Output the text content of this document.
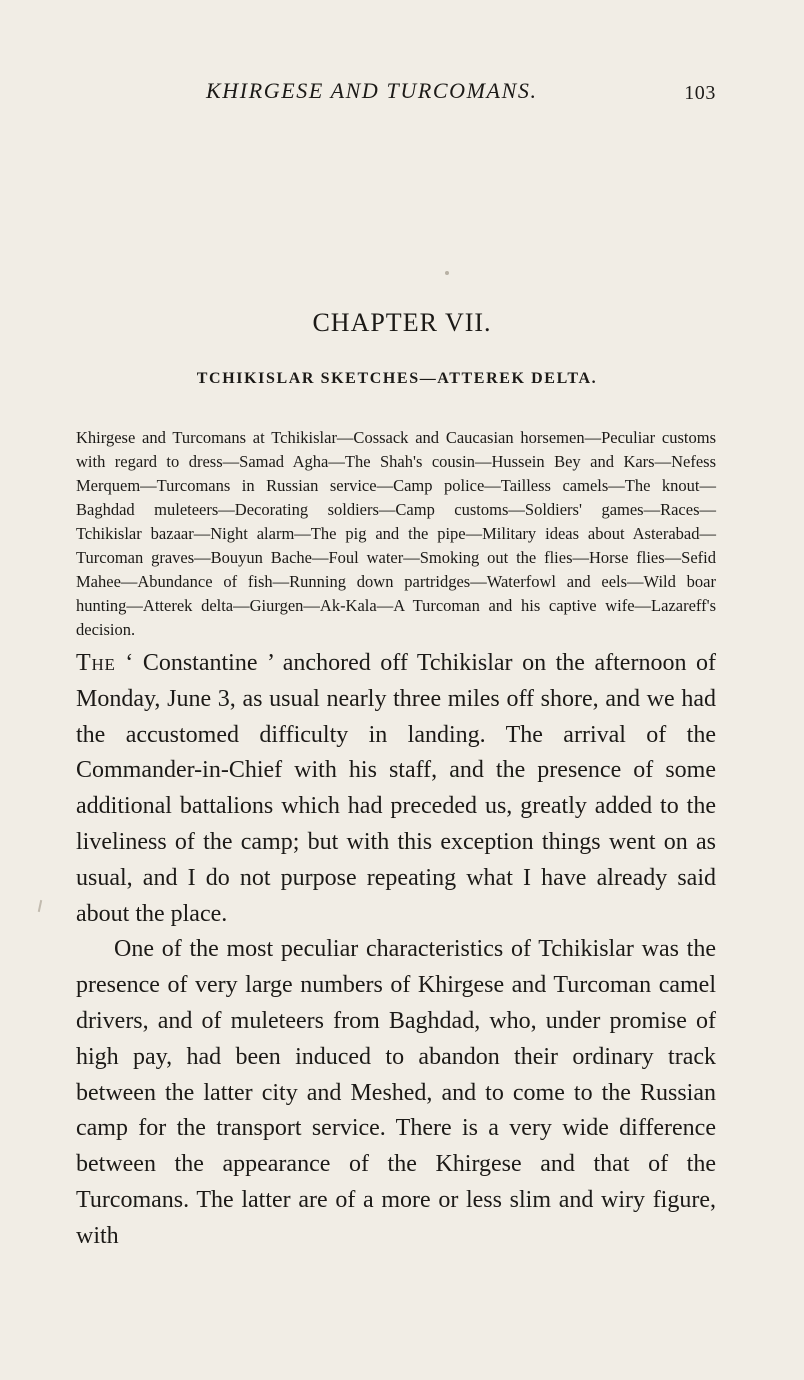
KHIRGESE AND TURCOMANS.	103
CHAPTER VII.
TCHIKISLAR SKETCHES—ATTEREK DELTA.

Khirgese and Turcomans at Tchikislar—Cossack and Caucasian horsemen—Peculiar customs with regard to dress—Samad Agha—The Shah's cousin—Hussein Bey and Kars—Nefess Merquem—Turcomans in Russian service—Camp police—Tailless camels—The knout—Baghdad muleteers—Decorating soldiers—Camp customs—Soldiers' games—Races—Tchikislar bazaar—Night alarm—The pig and the pipe—Military ideas about Asterabad—Turcoman graves—Bouyun Bache—Foul water—Smoking out the flies—Horse flies—Sefid Mahee—Abundance of fish—Running down partridges—Waterfowl and eels—Wild boar hunting—Atterek delta—Giurgen—Ak-Kala—A Turcoman and his captive wife—Lazareff's decision.

The ‘ Constantine ’ anchored off Tchikislar on the afternoon of Monday, June 3, as usual nearly three miles off shore, and we had the accustomed difficulty in landing. The arrival of the Commander-in-Chief with his staff, and the presence of some additional battalions which had preceded us, greatly added to the liveliness of the camp; but with this exception things went on as usual, and I do not purpose repeating what I have already said about the place.

One of the most peculiar characteristics of Tchikislar was the presence of very large numbers of Khirgese and Turcoman camel drivers, and of muleteers from Baghdad, who, under promise of high pay, had been induced to abandon their ordinary track between the latter city and Meshed, and to come to the Russian camp for the transport service. There is a very wide difference between the appearance of the Khirgese and that of the Turcomans. The latter are of a more or less slim and wiry figure, with
